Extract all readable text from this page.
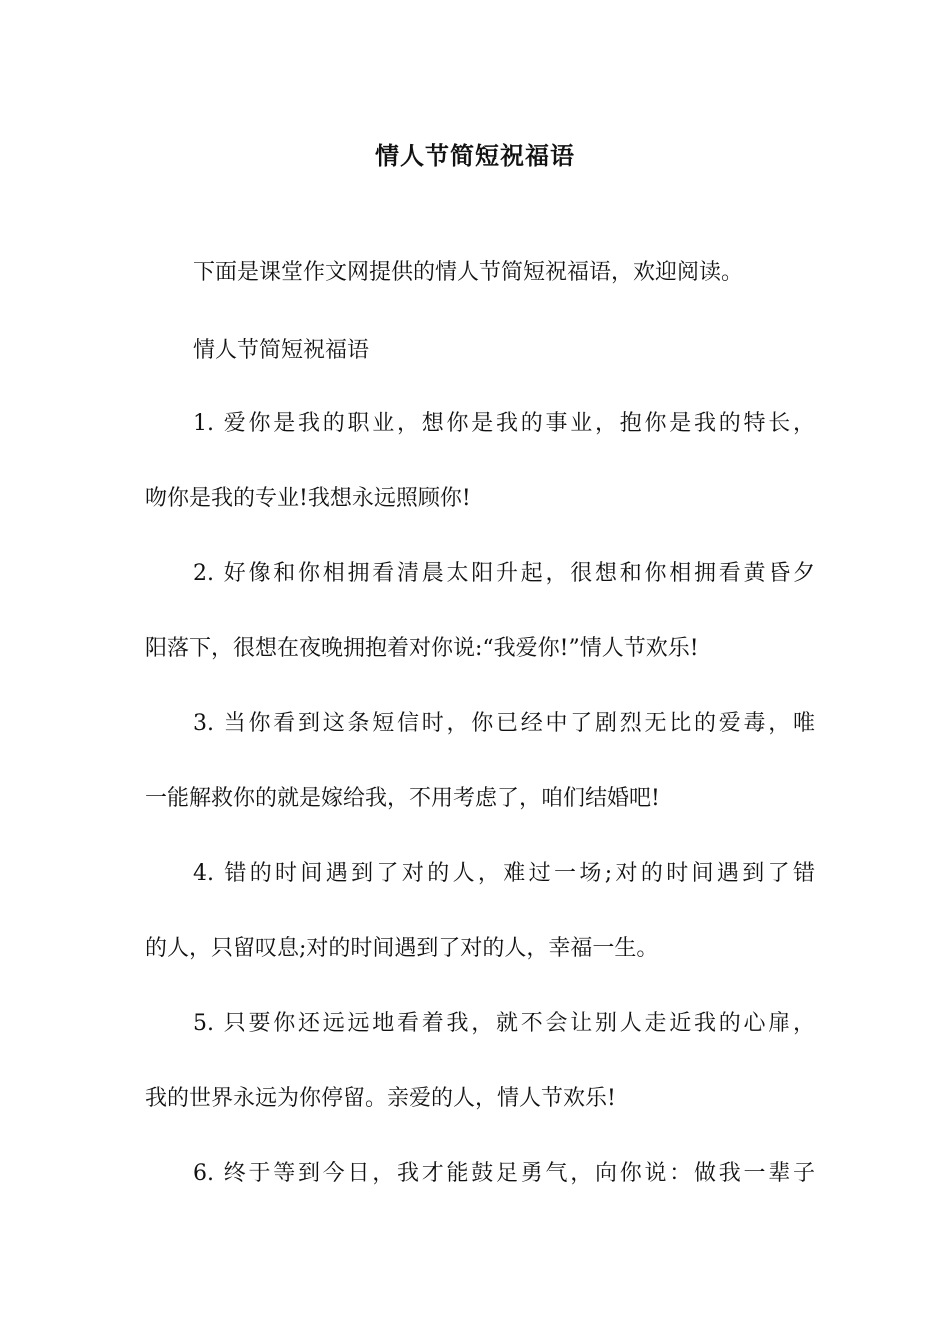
情人节简短祝福语
下面是课堂作文网提供的情人节简短祝福语，欢迎阅读。
情人节简短祝福语
1. 爱你是我的职业，想你是我的事业，抱你是我的特长，
吻你是我的专业!我想永远照顾你!
2. 好像和你相拥看清晨太阳升起，很想和你相拥看黄昏夕
阳落下，很想在夜晚拥抱着对你说:“我爱你!”情人节欢乐!
3. 当你看到这条短信时，你已经中了剧烈无比的爱毒，唯
一能解救你的就是嫁给我，不用考虑了，咱们结婚吧!
4. 错的时间遇到了对的人，难过一场;对的时间遇到了错
的人，只留叹息;对的时间遇到了对的人，幸福一生。
5. 只要你还远远地看着我，就不会让别人走近我的心扉，
我的世界永远为你停留。亲爱的人，情人节欢乐!
6. 终于等到今日，我才能鼓足勇气，向你说：做我一辈子
